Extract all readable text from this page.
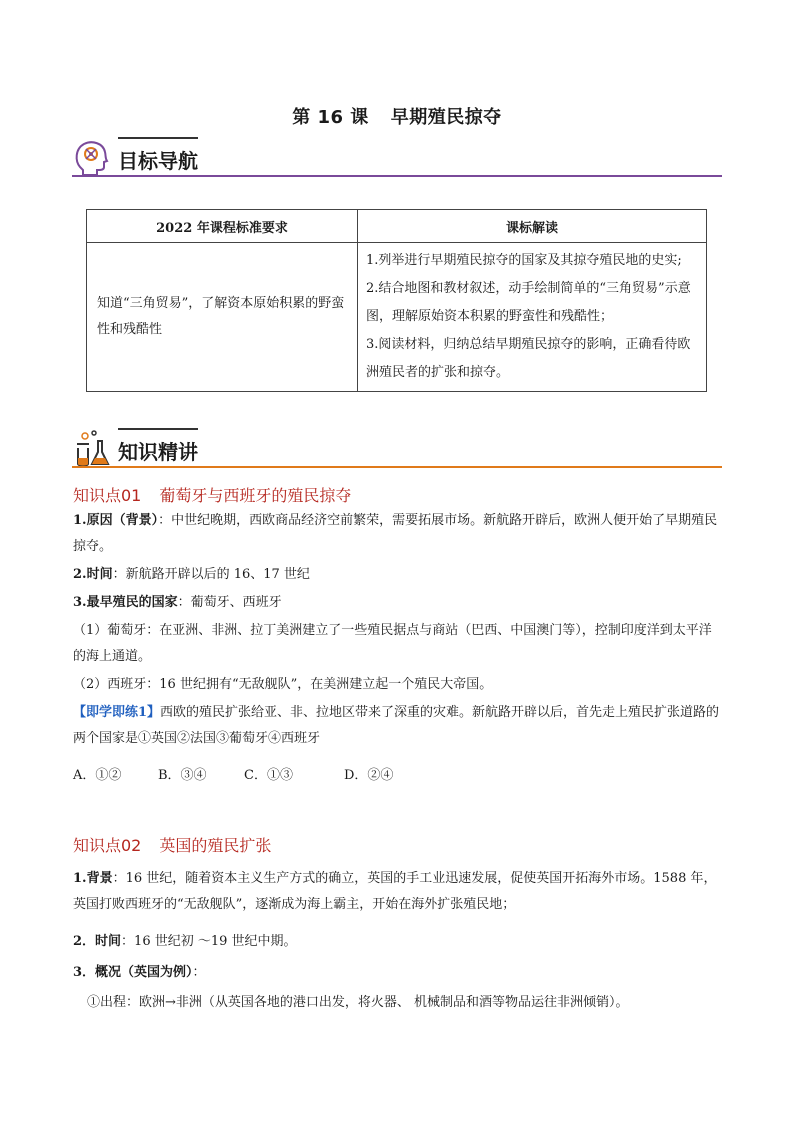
第 16 课 早期殖民掠夺
目标导航
2022 年课程标准要求	课标解读
知道“三角贸易”，了解资本原始积累的野蛮性和残酷性	1.列举进行早期殖民掠夺的国家及其掠夺殖民地的史实;
2.结合地图和教材叙述，动手绘制简单的“三角贸易”示意图，理解原始资本积累的野蛮性和残酷性；
3.阅读材料，归纳总结早期殖民掠夺的影响，正确看待欧洲殖民者的扩张和掠夺。
知识精讲
知识点01 葡萄牙与西班牙的殖民掠夺
1.原因（背景）：中世纪晚期，西欧商品经济空前繁荣，需要拓展市场。新航路开辟后，欧洲人便开始了早期殖民掠夺。
2.时间：新航路开辟以后的 16、17 世纪
3.最早殖民的国家：葡萄牙、西班牙
（1）葡萄牙：在亚洲、非洲、拉丁美洲建立了一些殖民据点与商站（巴西、中国澳门等），控制印度洋到太平洋的海上通道。
（2）西班牙：16 世纪拥有“无敌舰队”，在美洲建立起一个殖民大帝国。
【即学即练1】西欧的殖民扩张给亚、非、拉地区带来了深重的灾难。新航路开辟以后，首先走上殖民扩张道路的两个国家是①英国②法国③葡萄牙④西班牙
A．①②	B．③④	C．①③	D．②④
知识点02 英国的殖民扩张
1.背景：16 世纪，随着资本主义生产方式的确立，英国的手工业迅速发展，促使英国开拓海外市场。1588 年，英国打败西班牙的“无敌舰队”，逐渐成为海上霸主，开始在海外扩张殖民地；
2．时间：16 世纪初 ～19 世纪中期。
3．概况（英国为例）：
①出程：欧洲→非洲（从英国各地的港口出发，将火器、 机械制品和酒等物品运往非洲倾销）。
